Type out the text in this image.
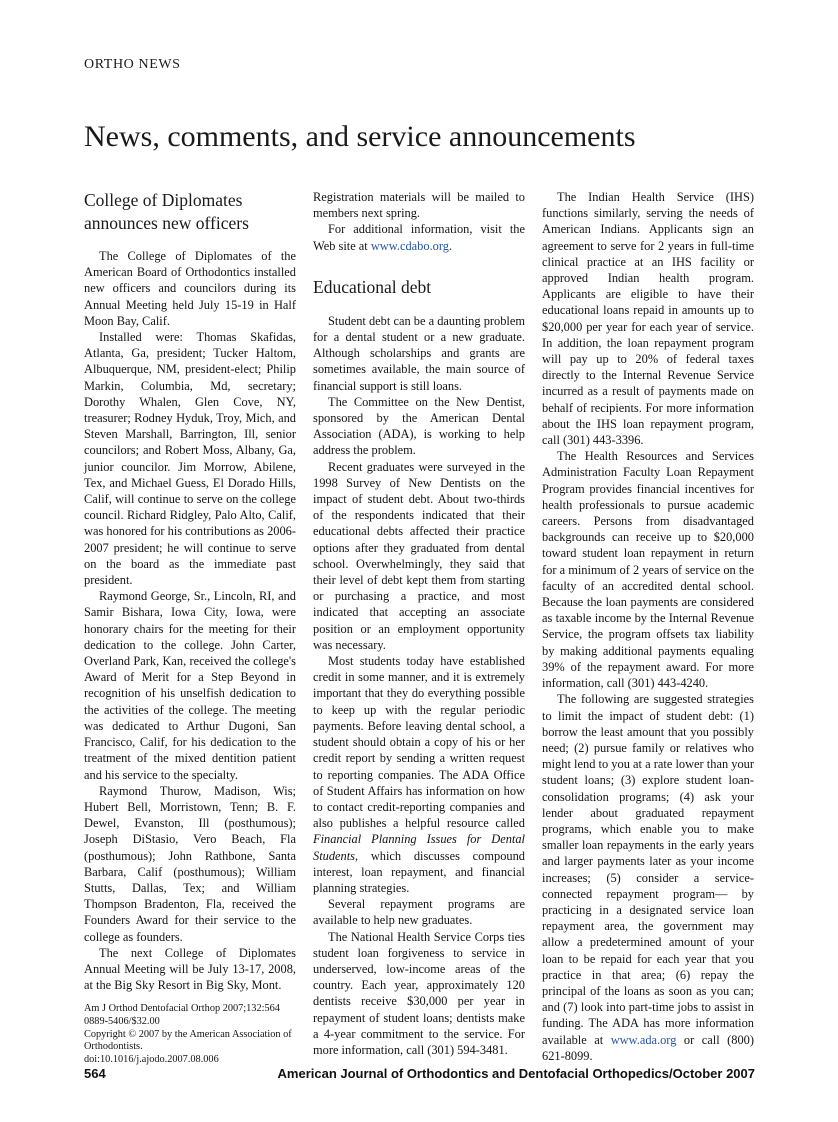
ORTHO NEWS
News, comments, and service announcements
College of Diplomates announces new officers

The College of Diplomates of the American Board of Orthodontics installed new officers and councilors during its Annual Meeting held July 15-19 in Half Moon Bay, Calif.

Installed were: Thomas Skafidas, Atlanta, Ga, president; Tucker Haltom, Albuquerque, NM, president-elect; Philip Markin, Columbia, Md, secretary; Dorothy Whalen, Glen Cove, NY, treasurer; Rodney Hyduk, Troy, Mich, and Steven Marshall, Barrington, Ill, senior councilors; and Robert Moss, Albany, Ga, junior councilor. Jim Morrow, Abilene, Tex, and Michael Guess, El Dorado Hills, Calif, will continue to serve on the college council. Richard Ridgley, Palo Alto, Calif, was honored for his contributions as 2006-2007 president; he will continue to serve on the board as the immediate past president.

Raymond George, Sr., Lincoln, RI, and Samir Bishara, Iowa City, Iowa, were honorary chairs for the meeting for their dedication to the college. John Carter, Overland Park, Kan, received the college's Award of Merit for a Step Beyond in recognition of his unselfish dedication to the activities of the college. The meeting was dedicated to Arthur Dugoni, San Francisco, Calif, for his dedication to the treatment of the mixed dentition patient and his service to the specialty.

Raymond Thurow, Madison, Wis; Hubert Bell, Morristown, Tenn; B. F. Dewel, Evanston, Ill (posthumous); Joseph DiStasio, Vero Beach, Fla (posthumous); John Rathbone, Santa Barbara, Calif (posthumous); William Stutts, Dallas, Tex; and William Thompson Bradenton, Fla, received the Founders Award for their service to the college as founders.

The next College of Diplomates Annual Meeting will be July 13-17, 2008, at the Big Sky Resort in Big Sky, Mont.

Am J Orthod Dentofacial Orthop 2007;132:564
0889-5406/$32.00
Copyright © 2007 by the American Association of Orthodontists.
doi:10.1016/j.ajodo.2007.08.006

Registration materials will be mailed to members next spring.

For additional information, visit the Web site at www.cdabo.org.

Educational debt

Student debt can be a daunting problem for a dental student or a new graduate. Although scholarships and grants are sometimes available, the main source of financial support is still loans.

The Committee on the New Dentist, sponsored by the American Dental Association (ADA), is working to help address the problem.

Recent graduates were surveyed in the 1998 Survey of New Dentists on the impact of student debt. About two-thirds of the respondents indicated that their educational debts affected their practice options after they graduated from dental school. Overwhelmingly, they said that their level of debt kept them from starting or purchasing a practice, and most indicated that accepting an associate position or an employment opportunity was necessary.

Most students today have established credit in some manner, and it is extremely important that they do everything possible to keep up with the regular periodic payments. Before leaving dental school, a student should obtain a copy of his or her credit report by sending a written request to reporting companies. The ADA Office of Student Affairs has information on how to contact credit-reporting companies and also publishes a helpful resource called Financial Planning Issues for Dental Students, which discusses compound interest, loan repayment, and financial planning strategies.

Several repayment programs are available to help new graduates.

The National Health Service Corps ties student loan forgiveness to service in underserved, low-income areas of the country. Each year, approximately 120 dentists receive $30,000 per year in repayment of student loans; dentists make a 4-year commitment to the service. For more information, call (301) 594-3481.

The Indian Health Service (IHS) functions similarly, serving the needs of American Indians. Applicants sign an agreement to serve for 2 years in full-time clinical practice at an IHS facility or approved Indian health program. Applicants are eligible to have their educational loans repaid in amounts up to $20,000 per year for each year of service. In addition, the loan repayment program will pay up to 20% of federal taxes directly to the Internal Revenue Service incurred as a result of payments made on behalf of recipients. For more information about the IHS loan repayment program, call (301) 443-3396.

The Health Resources and Services Administration Faculty Loan Repayment Program provides financial incentives for health professionals to pursue academic careers. Persons from disadvantaged backgrounds can receive up to $20,000 toward student loan repayment in return for a minimum of 2 years of service on the faculty of an accredited dental school. Because the loan payments are considered as taxable income by the Internal Revenue Service, the program offsets tax liability by making additional payments equaling 39% of the repayment award. For more information, call (301) 443-4240.

The following are suggested strategies to limit the impact of student debt: (1) borrow the least amount that you possibly need; (2) pursue family or relatives who might lend to you at a rate lower than your student loans; (3) explore student loan-consolidation programs; (4) ask your lender about graduated repayment programs, which enable you to make smaller loan repayments in the early years and larger payments later as your income increases; (5) consider a service-connected repayment program— by practicing in a designated service loan repayment area, the government may allow a predetermined amount of your loan to be repaid for each year that you practice in that area; (6) repay the principal of the loans as soon as you can; and (7) look into part-time jobs to assist in funding. The ADA has more information available at www.ada.org or call (800) 621-8099.

564	American Journal of Orthodontics and Dentofacial Orthopedics/October 2007
